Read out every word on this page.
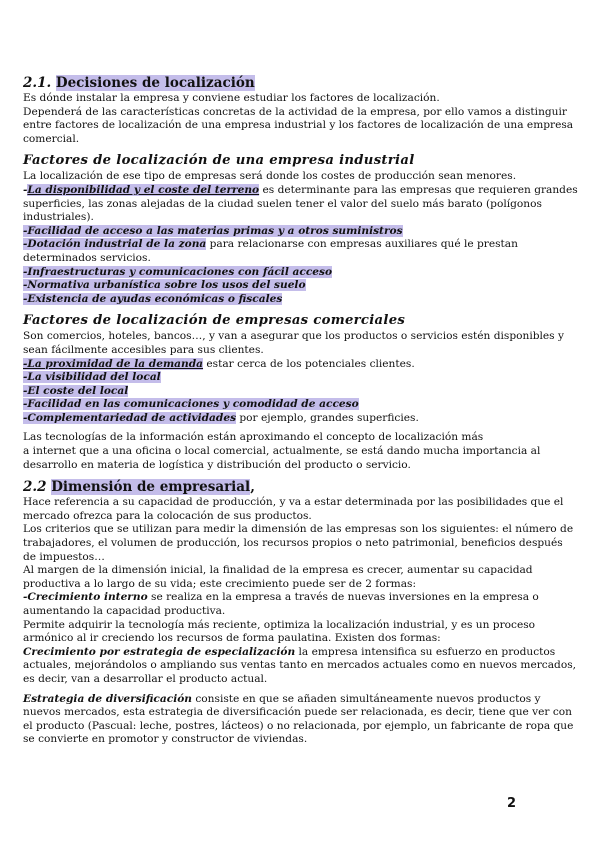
2.1. Decisiones de localización

Es dónde instalar la empresa y conviene estudiar los factores de localización.

Dependerá de las características concretas de la actividad de la empresa, por ello vamos a distinguir entre factores de localización de una empresa industrial y los factores de localización de una empresa comercial.

Factores de localización de una empresa industrial

La localización de ese tipo de empresas será donde los costes de producción sean menores.

-La disponibilidad y el coste del terreno es determinante para las empresas que requieren grandes superficies, las zonas alejadas de la ciudad suelen tener el valor del suelo más barato (polígonos industriales).

-Facilidad de acceso a las materias primas y a otros suministros

-Dotación industrial de la zona para relacionarse con empresas auxiliares qué le prestan determinados servicios.

-Infraestructuras y comunicaciones con fácil acceso

-Normativa urbanística sobre los usos del suelo

-Existencia de ayudas económicas o fiscales

Factores de localización de empresas comerciales

Son comercios, hoteles, bancos…, y van a asegurar que los productos o servicios estén disponibles y sean fácilmente accesibles para sus clientes.

-La proximidad de la demanda estar cerca de los potenciales clientes.

-La visibilidad del local

-El coste del local

-Facilidad en las comunicaciones y comodidad de acceso

-Complementariedad de actividades por ejemplo, grandes superficies.

Las tecnologías de la información están aproximando el concepto de localización más

a internet que a una oficina o local comercial, actualmente, se está dando mucha importancia al desarrollo en materia de logística y distribución del producto o servicio.

2.2 Dimensión de empresarial,

Hace referencia a su capacidad de producción, y va a estar determinada por las posibilidades que el mercado ofrezca para la colocación de sus productos.

Los criterios que se utilizan para medir la dimensión de las empresas son los siguientes: el número de trabajadores, el volumen de producción, los recursos propios o neto patrimonial, beneficios después de impuestos…

Al margen de la dimensión inicial, la finalidad de la empresa es crecer, aumentar su capacidad productiva a lo largo de su vida; este crecimiento puede ser de 2 formas:

-Crecimiento interno se realiza en la empresa a través de nuevas inversiones en la empresa o aumentando la capacidad productiva.

Permite adquirir la tecnología más reciente, optimiza la localización industrial, y es un proceso armónico al ir creciendo los recursos de forma paulatina. Existen dos formas:

Crecimiento por estrategia de especialización la empresa intensifica su esfuerzo en productos actuales, mejorándolos o ampliando sus ventas tanto en mercados actuales como en nuevos mercados, es decir, van a desarrollar el producto actual.

Estrategia de diversificación consiste en que se añaden simultáneamente nuevos productos y nuevos mercados, esta estrategia de diversificación puede ser relacionada, es decir, tiene que ver con el producto (Pascual: leche, postres, lácteos) o no relacionada, por ejemplo, un fabricante de ropa que se convierte en promotor y constructor de viviendas.

2
